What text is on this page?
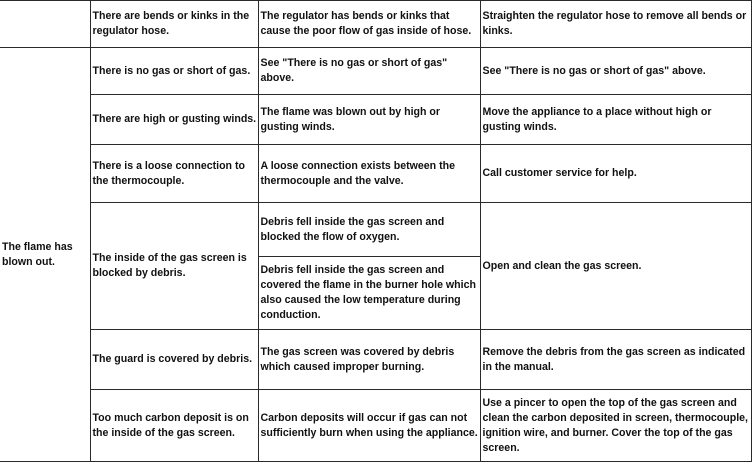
	There are bends or kinks in the regulator hose.	The regulator has bends or kinks that cause the poor flow of gas inside of hose.	Straighten the regulator hose to remove all bends or kinks.

The flame has blown out.	There is no gas or short of gas.	See "There is no gas or short of gas" above.	See "There is no gas or short of gas" above.

	There are high or gusting winds.	The flame was blown out by high or gusting winds.	Move the appliance to a place without high or gusting winds.

	There is a loose connection to the thermocouple.	A loose connection exists between the thermocouple and the valve.	Call customer service for help.

	The inside of the gas screen is blocked by debris.	Debris fell inside the gas screen and blocked the flow of oxygen.	Open and clean the gas screen.

		Debris fell inside the gas screen and covered the flame in the burner hole which also caused the low temperature during conduction.	

	The guard is covered by debris.	The gas screen was covered by debris which caused improper burning.	Remove the debris from the gas screen as indicated in the manual.

	Too much carbon deposit is on the inside of the gas screen.	Carbon deposits will occur if gas can not sufficiently burn when using the appliance.	Use a pincer to open the top of the gas screen and clean the carbon deposited in screen, thermocouple, ignition wire, and burner. Cover the top of the gas screen.
